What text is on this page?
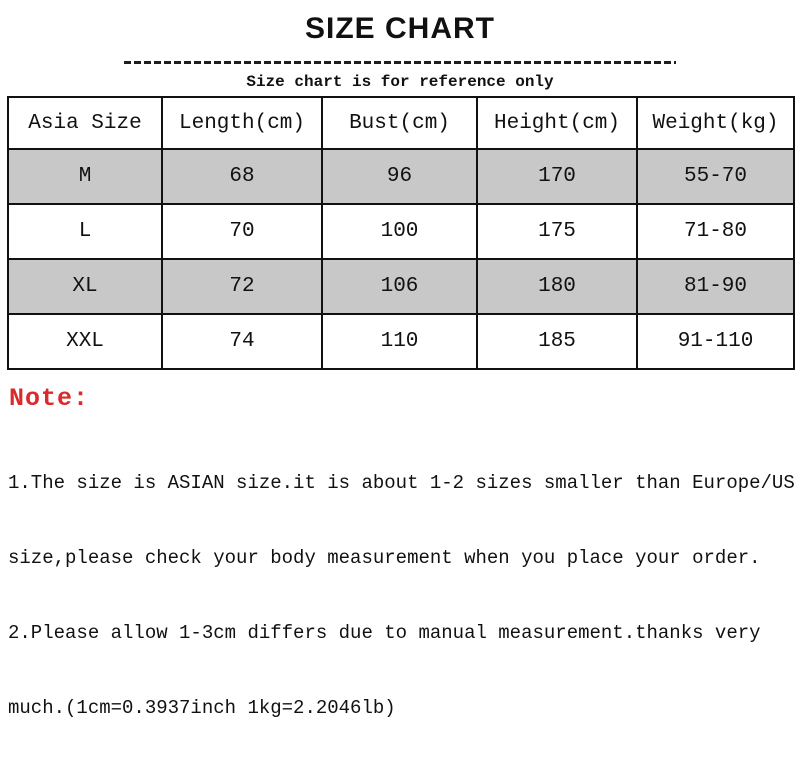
SIZE CHART
Size chart is for reference only
Asia Size	Length(cm)	Bust(cm)	Height(cm)	Weight(kg)
M	68	96	170	55-70
L	70	100	175	71-80
XL	72	106	180	81-90
XXL	74	110	185	91-110
Note:

1.The size is ASIAN size.it is about 1-2 sizes smaller than Europe/US

size,please check your body measurement when you place your order.

2.Please allow 1-3cm differs due to manual measurement.thanks very

much.(1cm=0.3937inch 1kg=2.2046lb)
